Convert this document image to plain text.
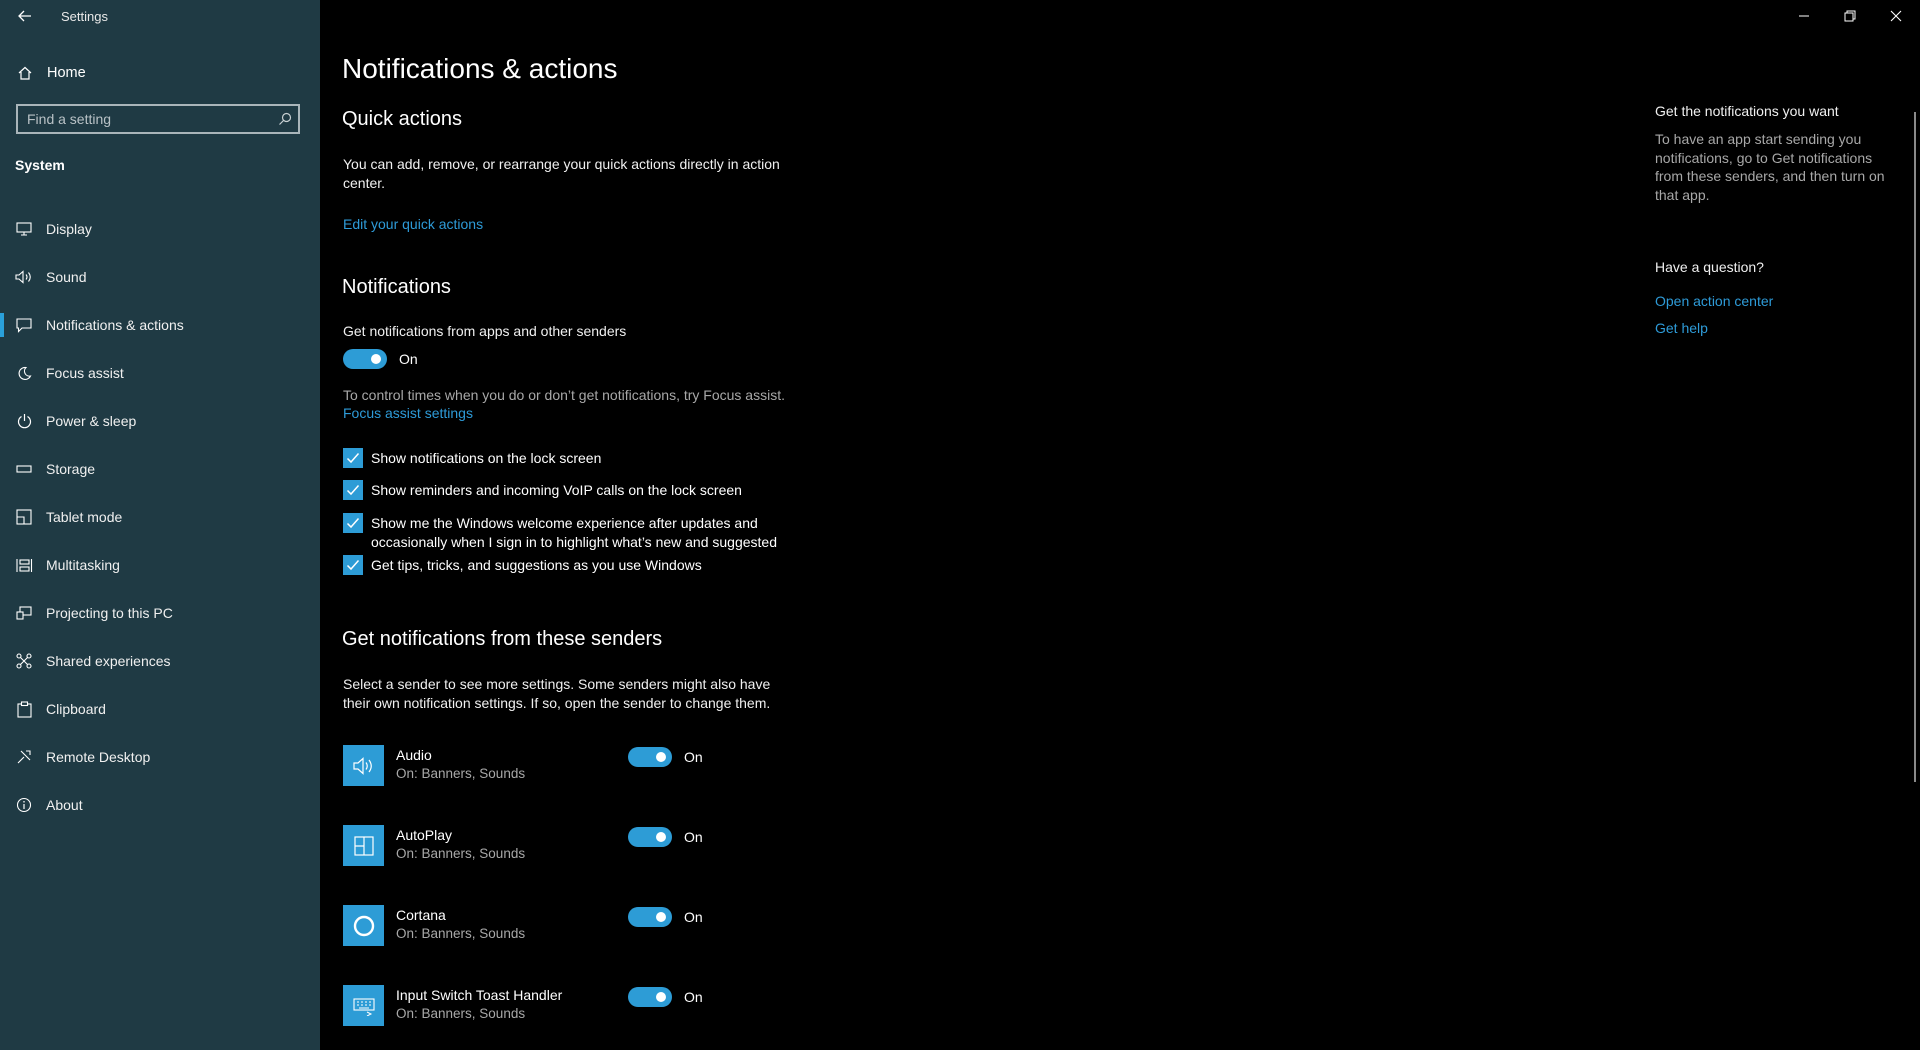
Settings
Home
Find a setting
System
Display
Sound
Notifications & actions
Focus assist
Power & sleep
Storage
Tablet mode
Multitasking
Projecting to this PC
Shared experiences
Clipboard
Remote Desktop
About
Notifications & actions
Quick actions
You can add, remove, or rearrange your quick actions directly in action center.
Edit your quick actions
Notifications
Get notifications from apps and other senders
On
To control times when you do or don’t get notifications, try Focus assist.
Focus assist settings
Show notifications on the lock screen
Show reminders and incoming VoIP calls on the lock screen
Show me the Windows welcome experience after updates and occasionally when I sign in to highlight what’s new and suggested
Get tips, tricks, and suggestions as you use Windows
Get notifications from these senders
Select a sender to see more settings. Some senders might also have their own notification settings. If so, open the sender to change them.
Audio
On: Banners, Sounds
On
AutoPlay
On: Banners, Sounds
On
Cortana
On: Banners, Sounds
On
Input Switch Toast Handler
On: Banners, Sounds
On
Get the notifications you want
To have an app start sending you notifications, go to Get notifications from these senders, and then turn on that app.
Have a question?
Open action center
Get help
